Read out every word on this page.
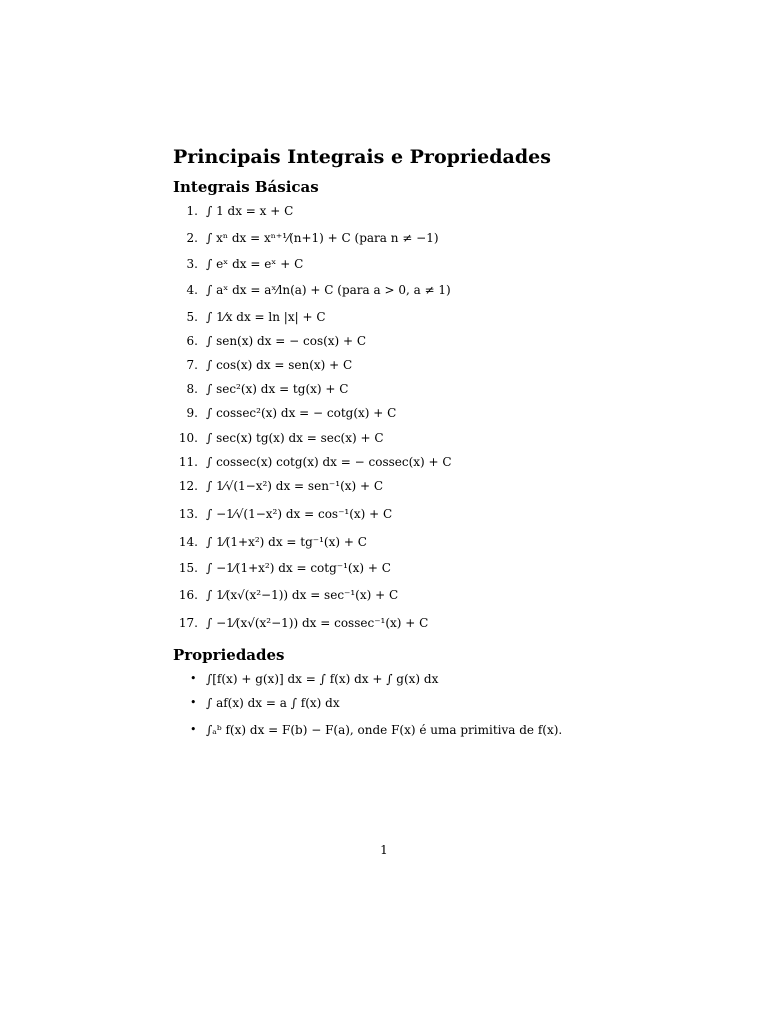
Principais Integrais e Propriedades
Integrais Básicas
1. ∫ 1 dx = x + C
2. ∫ xⁿ dx = xⁿ⁺¹⁄(n+1) + C (para n ≠ −1)
3. ∫ eˣ dx = eˣ + C
4. ∫ aˣ dx = aˣ⁄ln(a) + C (para a > 0, a ≠ 1)
5. ∫ 1⁄x dx = ln |x| + C
6. ∫ sen(x) dx = − cos(x) + C
7. ∫ cos(x) dx = sen(x) + C
8. ∫ sec²(x) dx = tg(x) + C
9. ∫ cossec²(x) dx = − cotg(x) + C
10. ∫ sec(x) tg(x) dx = sec(x) + C
11. ∫ cossec(x) cotg(x) dx = − cossec(x) + C
12. ∫ 1⁄√(1−x²) dx = sen⁻¹(x) + C
13. ∫ −1⁄√(1−x²) dx = cos⁻¹(x) + C
14. ∫ 1⁄(1+x²) dx = tg⁻¹(x) + C
15. ∫ −1⁄(1+x²) dx = cotg⁻¹(x) + C
16. ∫ 1⁄(x√(x²−1)) dx = sec⁻¹(x) + C
17. ∫ −1⁄(x√(x²−1)) dx = cossec⁻¹(x) + C
Propriedades
• ∫[f(x) + g(x)] dx = ∫ f(x) dx + ∫ g(x) dx
• ∫ af(x) dx = a ∫ f(x) dx
• ∫ₐᵇ f(x) dx = F(b) − F(a), onde F(x) é uma primitiva de f(x).
1
